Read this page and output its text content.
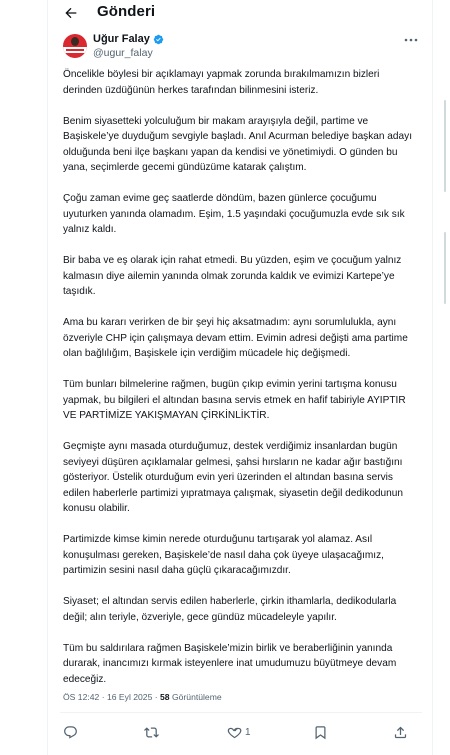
Gönderi
Uğur Falay
@ugur_falay

Öncelikle böylesi bir açıklamayı yapmak zorunda bırakılmamızın bizleri derinden üzdüğünün herkes tarafından bilinmesini isteriz.

Benim siyasetteki yolculuğum bir makam arayışıyla değil, partime ve Başiskele’ye duyduğum sevgiyle başladı. Anıl Acurman belediye başkan adayı olduğunda beni ilçe başkanı yapan da kendisi ve yönetimiydi. O günden bu yana, seçimlerde gecemi gündüzüme katarak çalıştım.

Çoğu zaman evime geç saatlerde döndüm, bazen günlerce çocuğumu uyuturken yanında olamadım. Eşim, 1.5 yaşındaki çocuğumuzla evde sık sık yalnız kaldı.

Bir baba ve eş olarak için rahat etmedi. Bu yüzden, eşim ve çocuğum yalnız kalmasın diye ailemin yanında olmak zorunda kaldık ve evimizi Kartepe’ye taşıdık.

Ama bu kararı verirken de bir şeyi hiç aksatmadım: aynı sorumlulukla, aynı özveriyle CHP için çalışmaya devam ettim. Evimin adresi değişti ama partime olan bağlılığım, Başiskele için verdiğim mücadele hiç değişmedi.

Tüm bunları bilmelerine rağmen, bugün çıkıp evimin yerini tartışma konusu yapmak, bu bilgileri el altından basına servis etmek en hafif tabiriyle AYIPTIR VE PARTİMİZE YAKIŞMAYAN ÇİRKİNLİKTİR.

Geçmişte aynı masada oturduğumuz, destek verdiğimiz insanlardan bugün seviyeyi düşüren açıklamalar gelmesi, şahsi hırsların ne kadar ağır bastığını gösteriyor. Üstelik oturduğum evin yeri üzerinden el altından basına servis edilen haberlerle partimizi yıpratmaya çalışmak, siyasetin değil dedikodunun konusu olabilir.

Partimizde kimse kimin nerede oturduğunu tartışarak yol alamaz. Asıl konuşulması gereken, Başiskele’de nasıl daha çok üyeye ulaşacağımız, partimizin sesini nasıl daha güçlü çıkaracağımızdır.

Siyaset; el altından servis edilen haberlerle, çirkin ithamlarla, dedikodularla değil; alın teriyle, özveriyle, gece gündüz mücadeleyle yapılır.

Tüm bu saldırılara rağmen Başiskele’mizin birlik ve beraberliğinin yanında durarak, inancımızı kırmak isteyenlere inat umudumuzu büyütmeye devam edeceğiz.

ÖS 12:42 · 16 Eyl 2025 · 58 Görüntüleme
1
